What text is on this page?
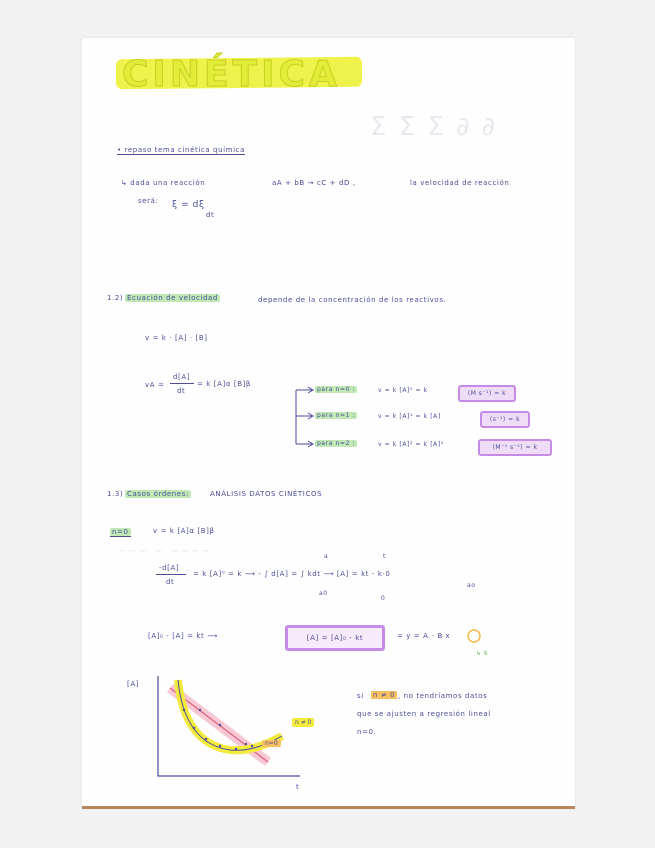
Σ Σ Σ ∂ ∂
~~~ ~ ~~~~
CINÉTICA
• repaso tema cinética química
↳ dada una reacción	aA + bB → cC + dD ,	la velocidad de reacción
será: ξ = dξ
dt
1.2) Ecuación de velocidad	depende de la concentración de los reactivos.
v = k · [A] · [B]
vA =
d[A]
dt
= k [A]α [B]β
para n=0 :	v = k [A]⁰ = k	(M s⁻¹) = k
para n=1 :	v = k [A]¹ = k [A]	(s⁻¹) = k
para n=2 :	v = k [A]² = k [A]²	(M⁻¹ s⁻¹) = k
1.3) Casos órdenes:	ANÁLISIS DATOS CINÉTICOS
n=0	v = k [A]α [B]β
-d[A]
dt
= k [A]⁰ = k ⟶ - ∫ d[A] = ∫ kdt ⟶ [A] = kt - k·0
a
a0
t
0
ao
[A]₀ - [A] = kt ⟶	[A] = [A]₀ - kt	= y = A - B x
↳ k
[A]
t
n ≠ 0
n=0
si n ≠ 0 , no tendríamos datos
que se ajusten a regresión lineal
n=0.
